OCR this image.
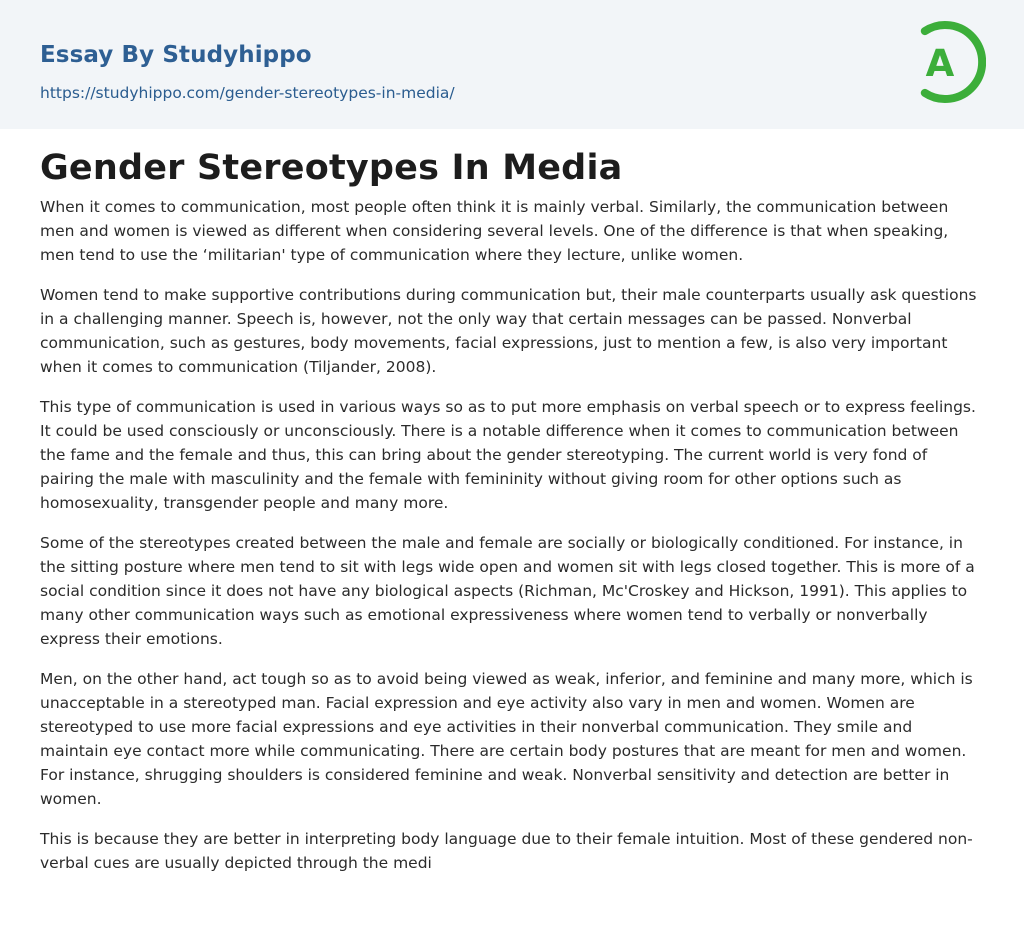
Essay By Studyhippo
https://studyhippo.com/gender-stereotypes-in-media/
A
Gender Stereotypes In Media

When it comes to communication, most people often think it is mainly verbal. Similarly, the communication between men and women is viewed as different when considering several levels. One of the difference is that when speaking, men tend to use the ‘militarian' type of communication where they lecture, unlike women.

Women tend to make supportive contributions during communication but, their male counterparts usually ask questions in a challenging manner. Speech is, however, not the only way that certain messages can be passed. Nonverbal communication, such as gestures, body movements, facial expressions, just to mention a few, is also very important when it comes to communication (Tiljander, 2008).

This type of communication is used in various ways so as to put more emphasis on verbal speech or to express feelings. It could be used consciously or unconsciously. There is a notable difference when it comes to communication between the fame and the female and thus, this can bring about the gender stereotyping. The current world is very fond of pairing the male with masculinity and the female with femininity without giving room for other options such as homosexuality, transgender people and many more.

Some of the stereotypes created between the male and female are socially or biologically conditioned. For instance, in the sitting posture where men tend to sit with legs wide open and women sit with legs closed together. This is more of a social condition since it does not have any biological aspects (Richman, Mc'Croskey and Hickson, 1991). This applies to many other communication ways such as emotional expressiveness where women tend to verbally or nonverbally express their emotions.

Men, on the other hand, act tough so as to avoid being viewed as weak, inferior, and feminine and many more, which is unacceptable in a stereotyped man. Facial expression and eye activity also vary in men and women. Women are stereotyped to use more facial expressions and eye activities in their nonverbal communication. They smile and maintain eye contact more while communicating. There are certain body postures that are meant for men and women. For instance, shrugging shoulders is considered feminine and weak. Nonverbal sensitivity and detection are better in women.

This is because they are better in interpreting body language due to their female intuition. Most of these gendered non-verbal cues are usually depicted through the medi
